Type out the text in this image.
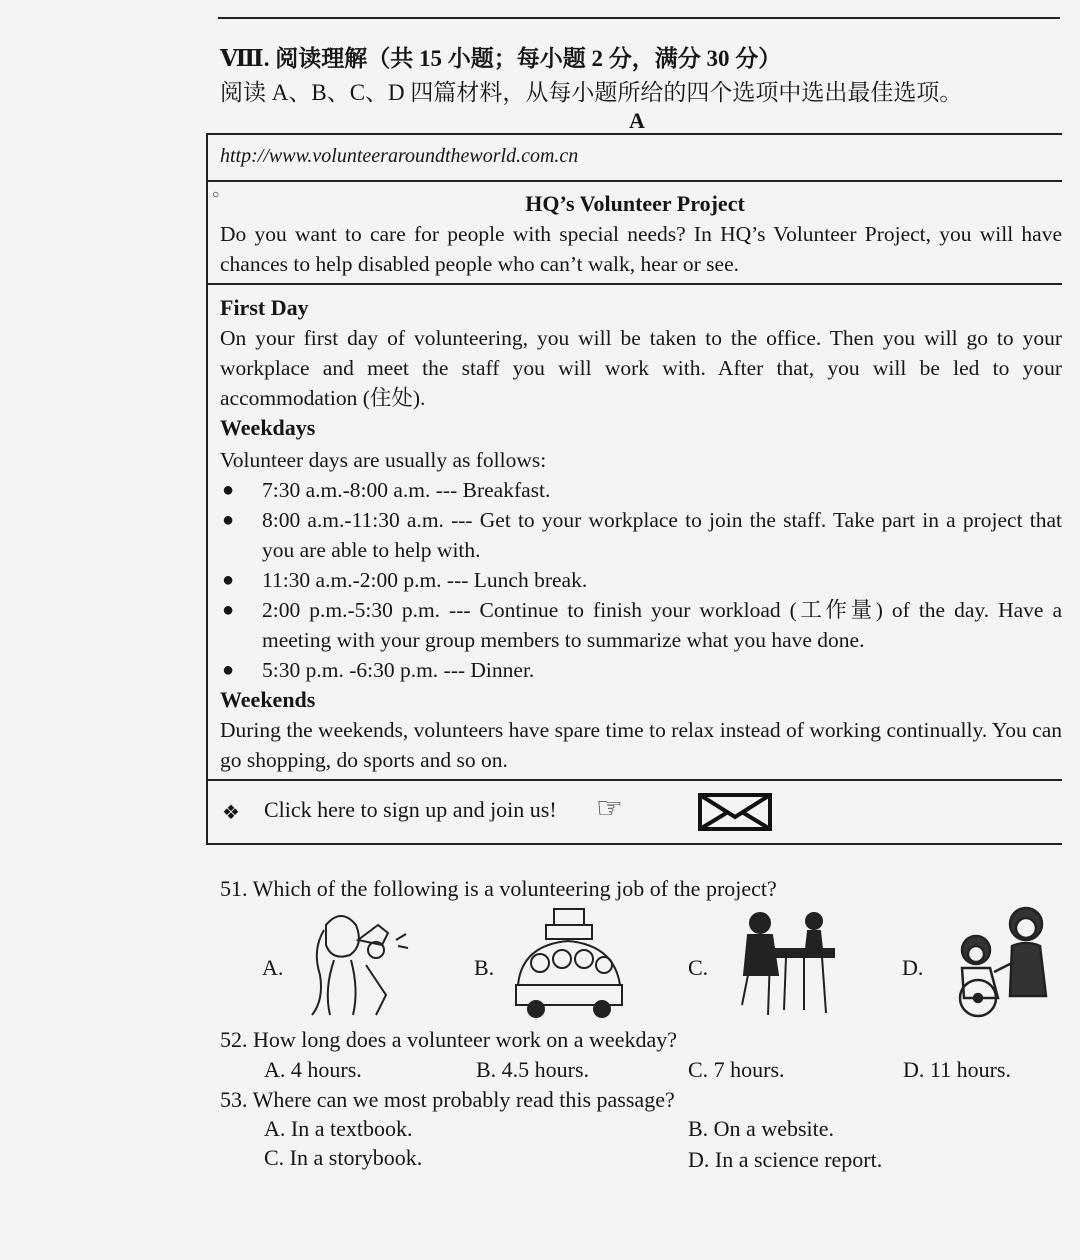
Ⅷ. 阅读理解（共 15 小题；每小题 2 分，满分 30 分）
阅读 A、B、C、D 四篇材料，从每小题所给的四个选项中选出最佳选项。
A
http://www.volunteeraroundtheworld.com.cn
○	HQ’s Volunteer Project
Do you want to care for people with special needs? In HQ’s Volunteer Project, you will have chances to help disabled people who can’t walk, hear or see.
First Day
On your first day of volunteering, you will be taken to the office. Then you will go to your workplace and meet the staff you will work with. After that, you will be led to your accommodation (住处).
Weekdays
Volunteer days are usually as follows:
● 7:30 a.m.-8:00 a.m. --- Breakfast.
● 8:00 a.m.-11:30 a.m. --- Get to your workplace to join the staff. Take part in a project that you are able to help with.
● 11:30 a.m.-2:00 p.m. --- Lunch break.
● 2:00 p.m.-5:30 p.m. --- Continue to finish your workload (工作量) of the day. Have a meeting with your group members to summarize what you have done.
● 5:30 p.m. -6:30 p.m. --- Dinner.
Weekends
During the weekends, volunteers have spare time to relax instead of working continually. You can go shopping, do sports and so on.
❖ Click here to sign up and join us! ☞
51. Which of the following is a volunteering job of the project?
A.	B.	C.	D.
52. How long does a volunteer work on a weekday?
A. 4 hours.	B. 4.5 hours.	C. 7 hours.	D. 11 hours.
53. Where can we most probably read this passage?
A. In a textbook.	B. On a website.
C. In a storybook.	D. In a science report.
